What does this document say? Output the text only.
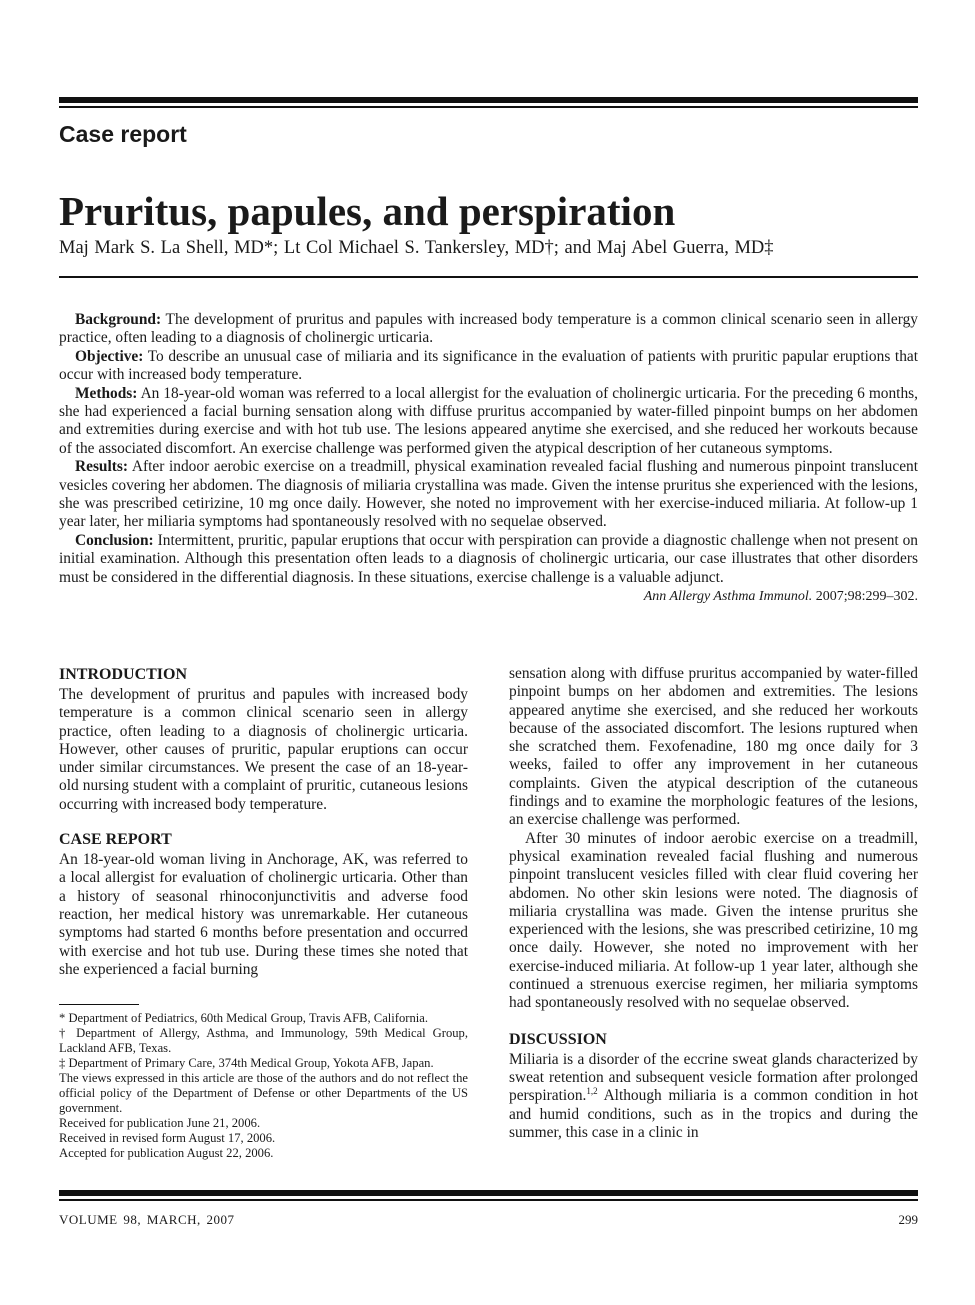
Case report
Pruritus, papules, and perspiration
Maj Mark S. La Shell, MD*; Lt Col Michael S. Tankersley, MD†; and Maj Abel Guerra, MD‡

Background: The development of pruritus and papules with increased body temperature is a common clinical scenario seen in allergy practice, often leading to a diagnosis of cholinergic urticaria.

Objective: To describe an unusual case of miliaria and its significance in the evaluation of patients with pruritic papular eruptions that occur with increased body temperature.

Methods: An 18-year-old woman was referred to a local allergist for the evaluation of cholinergic urticaria. For the preceding 6 months, she had experienced a facial burning sensation along with diffuse pruritus accompanied by water-filled pinpoint bumps on her abdomen and extremities during exercise and with hot tub use. The lesions appeared anytime she exercised, and she reduced her workouts because of the associated discomfort. An exercise challenge was performed given the atypical description of her cutaneous symptoms.

Results: After indoor aerobic exercise on a treadmill, physical examination revealed facial flushing and numerous pinpoint translucent vesicles covering her abdomen. The diagnosis of miliaria crystallina was made. Given the intense pruritus she experienced with the lesions, she was prescribed cetirizine, 10 mg once daily. However, she noted no improvement with her exercise-induced miliaria. At follow-up 1 year later, her miliaria symptoms had spontaneously resolved with no sequelae observed.

Conclusion: Intermittent, pruritic, papular eruptions that occur with perspiration can provide a diagnostic challenge when not present on initial examination. Although this presentation often leads to a diagnosis of cholinergic urticaria, our case illustrates that other disorders must be considered in the differential diagnosis. In these situations, exercise challenge is a valuable adjunct.

Ann Allergy Asthma Immunol. 2007;98:299–302.
INTRODUCTION

The development of pruritus and papules with increased body temperature is a common clinical scenario seen in allergy practice, often leading to a diagnosis of cholinergic urticaria. However, other causes of pruritic, papular eruptions can occur under similar circumstances. We present the case of an 18-year-old nursing student with a complaint of pruritic, cutaneous lesions occurring with increased body temperature.

CASE REPORT

An 18-year-old woman living in Anchorage, AK, was referred to a local allergist for evaluation of cholinergic urticaria. Other than a history of seasonal rhinoconjunctivitis and adverse food reaction, her medical history was unremarkable. Her cutaneous symptoms had started 6 months before presentation and occurred with exercise and hot tub use. During these times she noted that she experienced a facial burning

* Department of Pediatrics, 60th Medical Group, Travis AFB, California.
† Department of Allergy, Asthma, and Immunology, 59th Medical Group, Lackland AFB, Texas.
‡ Department of Primary Care, 374th Medical Group, Yokota AFB, Japan.
The views expressed in this article are those of the authors and do not reflect the official policy of the Department of Defense or other Departments of the US government.
Received for publication June 21, 2006.
Received in revised form August 17, 2006.
Accepted for publication August 22, 2006.

sensation along with diffuse pruritus accompanied by water-filled pinpoint bumps on her abdomen and extremities. The lesions appeared anytime she exercised, and she reduced her workouts because of the associated discomfort. The lesions ruptured when she scratched them. Fexofenadine, 180 mg once daily for 3 weeks, failed to offer any improvement in her cutaneous complaints. Given the atypical description of the cutaneous findings and to examine the morphologic features of the lesions, an exercise challenge was performed.

After 30 minutes of indoor aerobic exercise on a treadmill, physical examination revealed facial flushing and numerous pinpoint translucent vesicles filled with clear fluid covering her abdomen. No other skin lesions were noted. The diagnosis of miliaria crystallina was made. Given the intense pruritus she experienced with the lesions, she was prescribed cetirizine, 10 mg once daily. However, she noted no improvement with her exercise-induced miliaria. At follow-up 1 year later, although she continued a strenuous exercise regimen, her miliaria symptoms had spontaneously resolved with no sequelae observed.

DISCUSSION

Miliaria is a disorder of the eccrine sweat glands characterized by sweat retention and subsequent vesicle formation after prolonged perspiration.$^{1,2}$ Although miliaria is a common condition in hot and humid conditions, such as in the tropics and during the summer, this case in a clinic in

VOLUME 98, MARCH, 2007	299
